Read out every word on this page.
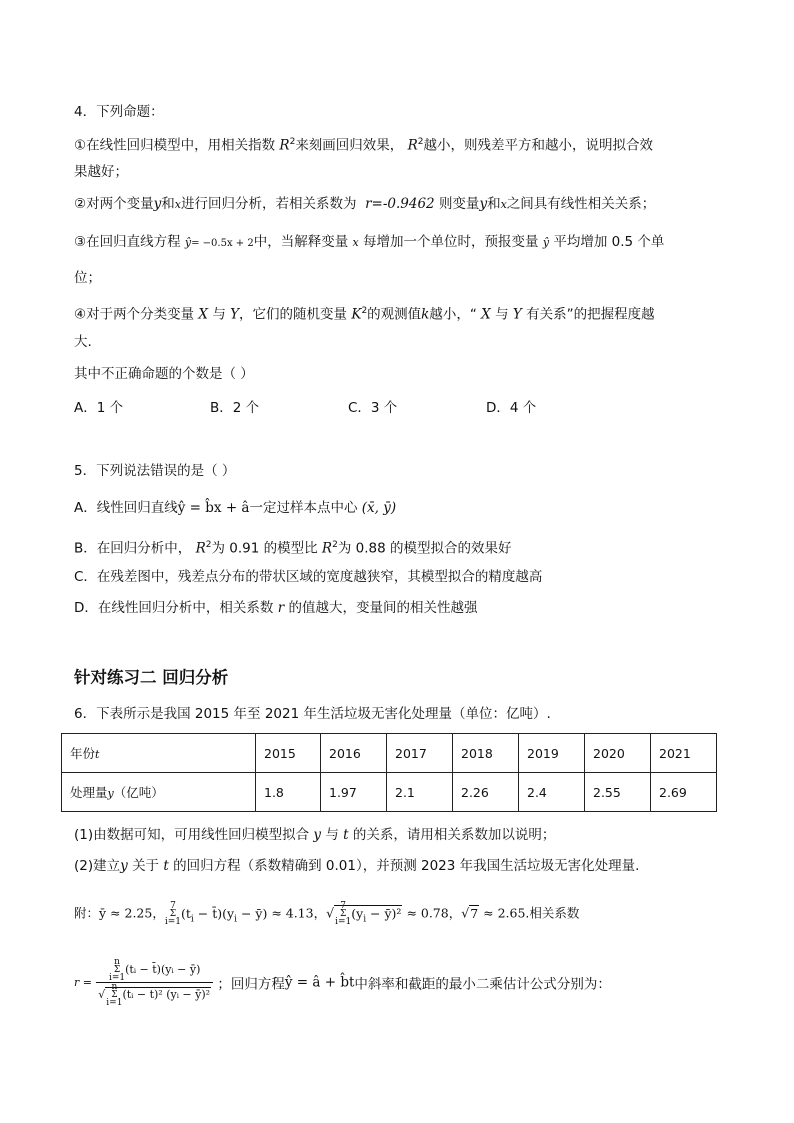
4．下列命题：
①在线性回归模型中，用相关指数 $R^2$来刻画回归效果， $R^2$越小，则残差平方和越小，说明拟合效
果越好；
②对两个变量y和x进行回归分析，若相关系数为 r=-0.9462 则变量y和x之间具有线性相关关系；
③在回归直线方程 ŷ= −0.5x + 2中，当解释变量 x 每增加一个单位时，预报变量 ŷ 平均增加 0.5 个单
位；
④对于两个分类变量 X 与 Y，它们的随机变量 $K^2$的观测值k越小，“ X 与 Y 有关系”的把握程度越
大.
其中不正确命题的个数是（ ）
A．1 个	B．2 个	C．3 个	D．4 个
5．下列说法错误的是（ ）
A．线性回归直线ŷ = b̂x + â一定过样本点中心 (x̄, ȳ)
B．在回归分析中， $R^2$为 0.91 的模型比 $R^2$为 0.88 的模型拟合的效果好
C．在残差图中，残差点分布的带状区域的宽度越狭窄，其模型拟合的精度越高
D．在线性回归分析中，相关系数 r 的值越大，变量间的相关性越强
针对练习二 回归分析
6．下表所示是我国 2015 年至 2021 年生活垃圾无害化处理量（单位：亿吨）.
年份t	2015	2016	2017	2018	2019	2020	2021
处理量y（亿吨）	1.8	1.97	2.1	2.26	2.4	2.55	2.69
(1)由数据可知，可用线性回归模型拟合 y 与 t 的关系，请用相关系数加以说明；
(2)建立y 关于 t 的回归方程（系数精确到 0.01），并预测 2023 年我国生活垃圾无害化处理量.
附：ȳ ≈ 2.25， 7
Σ
$i=1(t_i$ − $t̄)(y_i$ − ȳ) ≈ 4.13，√ 7
Σ
$i=1(y_i$ − ȳ)² ≈ 0.78，√7 ≈ 2.65.相关系数
r =
n
Σ
i=1(tᵢ − t̄)(yᵢ − ȳ)
√n
Σ
i=1(tᵢ − t̄)² (yᵢ − ȳ)²
；回归方程ŷ = â + b̂t中斜率和截距的最小二乘估计公式分别为：
